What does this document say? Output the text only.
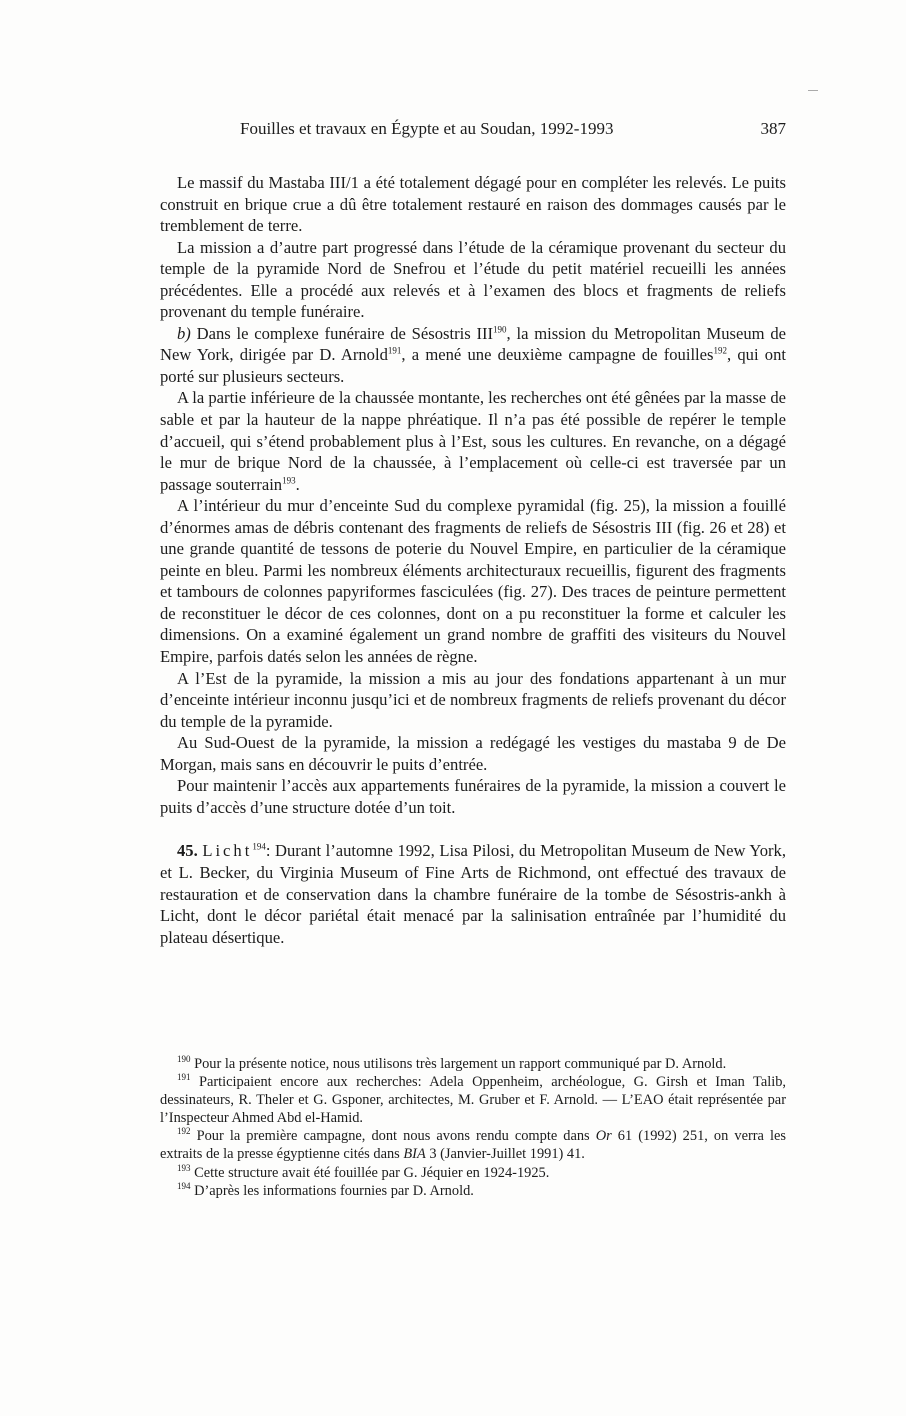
Fouilles et travaux en Égypte et au Soudan, 1992-1993	387

Le massif du Mastaba III/1 a été totalement dégagé pour en compléter les relevés. Le puits construit en brique crue a dû être totalement restauré en raison des dommages causés par le tremblement de terre.

La mission a d’autre part progressé dans l’étude de la céramique provenant du secteur du temple de la pyramide Nord de Snefrou et l’étude du petit matériel recueilli les années précédentes. Elle a procédé aux relevés et à l’examen des blocs et fragments de reliefs provenant du temple funéraire.

b) Dans le complexe funéraire de Sésostris III$^{190}$, la mission du Metropolitan Museum de New York, dirigée par D. Arnold$^{191}$, a mené une deuxième campagne de fouilles$^{192}$, qui ont porté sur plusieurs secteurs.

A la partie inférieure de la chaussée montante, les recherches ont été gênées par la masse de sable et par la hauteur de la nappe phréatique. Il n’a pas été possible de repérer le temple d’accueil, qui s’étend probablement plus à l’Est, sous les cultures. En revanche, on a dégagé le mur de brique Nord de la chaussée, à l’emplacement où celle-ci est traversée par un passage souterrain$^{193}$.

A l’intérieur du mur d’enceinte Sud du complexe pyramidal (fig. 25), la mission a fouillé d’énormes amas de débris contenant des fragments de reliefs de Sésostris III (fig. 26 et 28) et une grande quantité de tessons de poterie du Nouvel Empire, en particulier de la céramique peinte en bleu. Parmi les nombreux éléments architecturaux recueillis, figurent des fragments et tambours de colonnes papyriformes fasciculées (fig. 27). Des traces de peinture permettent de reconstituer le décor de ces colonnes, dont on a pu reconstituer la forme et calculer les dimensions. On a examiné également un grand nombre de graffiti des visiteurs du Nouvel Empire, parfois datés selon les années de règne.

A l’Est de la pyramide, la mission a mis au jour des fondations appartenant à un mur d’enceinte intérieur inconnu jusqu’ici et de nombreux fragments de reliefs provenant du décor du temple de la pyramide.

Au Sud-Ouest de la pyramide, la mission a redégagé les vestiges du mastaba 9 de De Morgan, mais sans en découvrir le puits d’entrée.

Pour maintenir l’accès aux appartements funéraires de la pyramide, la mission a couvert le puits d’accès d’une structure dotée d’un toit.

45. Licht$^{194}$: Durant l’automne 1992, Lisa Pilosi, du Metropolitan Museum de New York, et L. Becker, du Virginia Museum of Fine Arts de Richmond, ont effectué des travaux de restauration et de conservation dans la chambre funéraire de la tombe de Sésostris-ankh à Licht, dont le décor pariétal était menacé par la salinisation entraînée par l’humidité du plateau désertique.

$^{190}$ Pour la présente notice, nous utilisons très largement un rapport communiqué par D. Arnold.

$^{191}$ Participaient encore aux recherches: Adela Oppenheim, archéologue, G. Girsh et Iman Talib, dessinateurs, R. Theler et G. Gsponer, architectes, M. Gruber et F. Arnold. — L’EAO était représentée par l’Inspecteur Ahmed Abd el-Hamid.

$^{192}$ Pour la première campagne, dont nous avons rendu compte dans Or 61 (1992) 251, on verra les extraits de la presse égyptienne cités dans BIA 3 (Janvier-Juillet 1991) 41.

$^{193}$ Cette structure avait été fouillée par G. Jéquier en 1924-1925.

$^{194}$ D’après les informations fournies par D. Arnold.
